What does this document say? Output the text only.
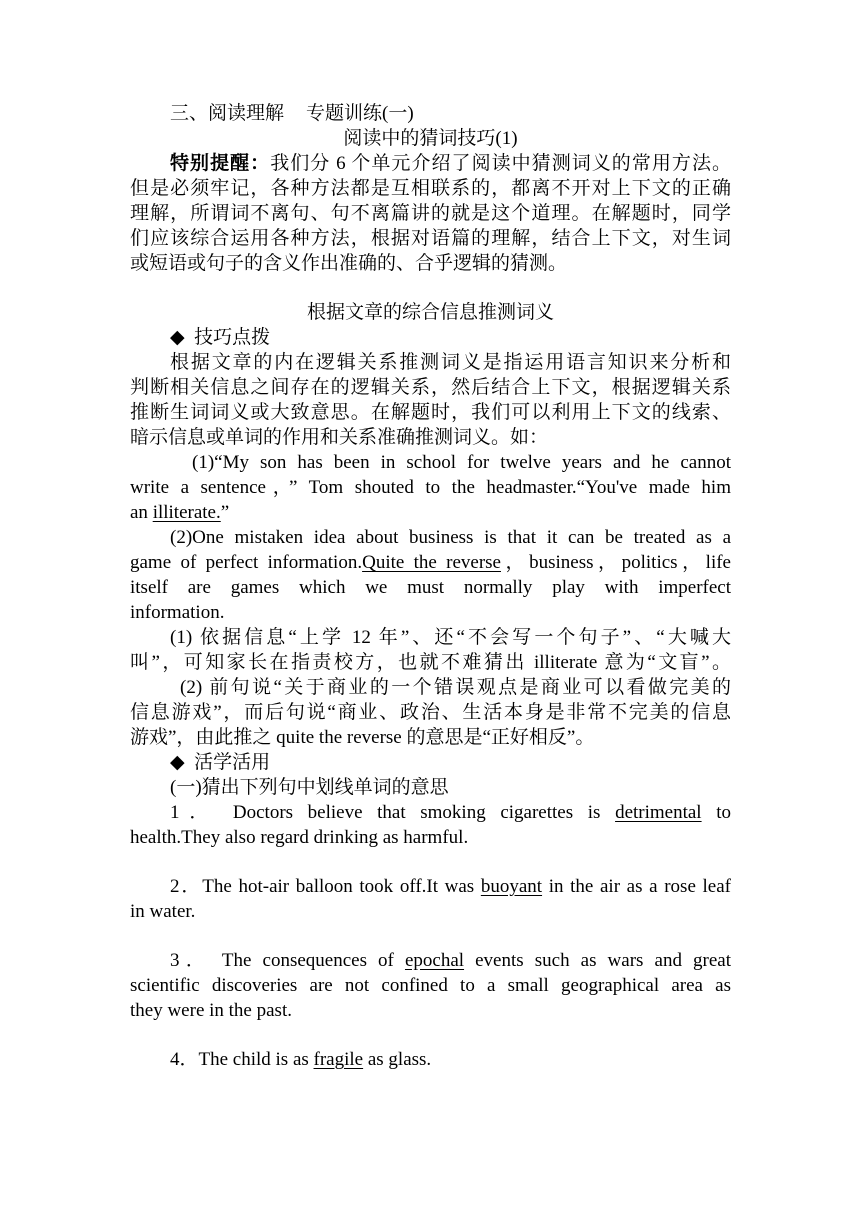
三、阅读理解 专题训练(一)
阅读中的猜词技巧(1)
特别提醒：我们分 6 个单元介绍了阅读中猜测词义的常用方法。
但是必须牢记，各种方法都是互相联系的，都离不开对上下文的正确
理解，所谓词不离句、句不离篇讲的就是这个道理。在解题时，同学
们应该综合运用各种方法，根据对语篇的理解，结合上下文，对生词
或短语或句子的含义作出准确的、合乎逻辑的猜测。
根据文章的综合信息推测词义
◆ 技巧点拨
根据文章的内在逻辑关系推测词义是指运用语言知识来分析和
判断相关信息之间存在的逻辑关系，然后结合上下文，根据逻辑关系
推断生词词义或大致意思。在解题时，我们可以利用上下文的线索、
暗示信息或单词的作用和关系准确推测词义。如：
(1)“My son has been in school for twelve years and he cannot
write a sentence，” Tom shouted to the headmaster.“You've made him
an illiterate.”
(2)One mistaken idea about business is that it can be treated as a
game of perfect information.Quite the reverse，business，politics，life
itself are games which we must normally play with imperfect
information.
(1) 依据信息“上学 12 年”、还“不会写一个句子”、“大喊大
叫”，可知家长在指责校方，也就不难猜出 illiterate 意为“文盲”。
(2) 前句说“关于商业的一个错误观点是商业可以看做完美的
信息游戏”，而后句说“商业、政治、生活本身是非常不完美的信息
游戏”，由此推之 quite the reverse 的意思是“正好相反”。
◆ 活学活用
(一)猜出下列句中划线单词的意思
1． Doctors believe that smoking cigarettes is detrimental to
health.They also regard drinking as harmful.
2．The hot-air balloon took off.It was buoyant in the air as a rose leaf
in water.
3． The consequences of epochal events such as wars and great
scientific discoveries are not confined to a small geographical area as
they were in the past.
4．The child is as fragile as glass.
